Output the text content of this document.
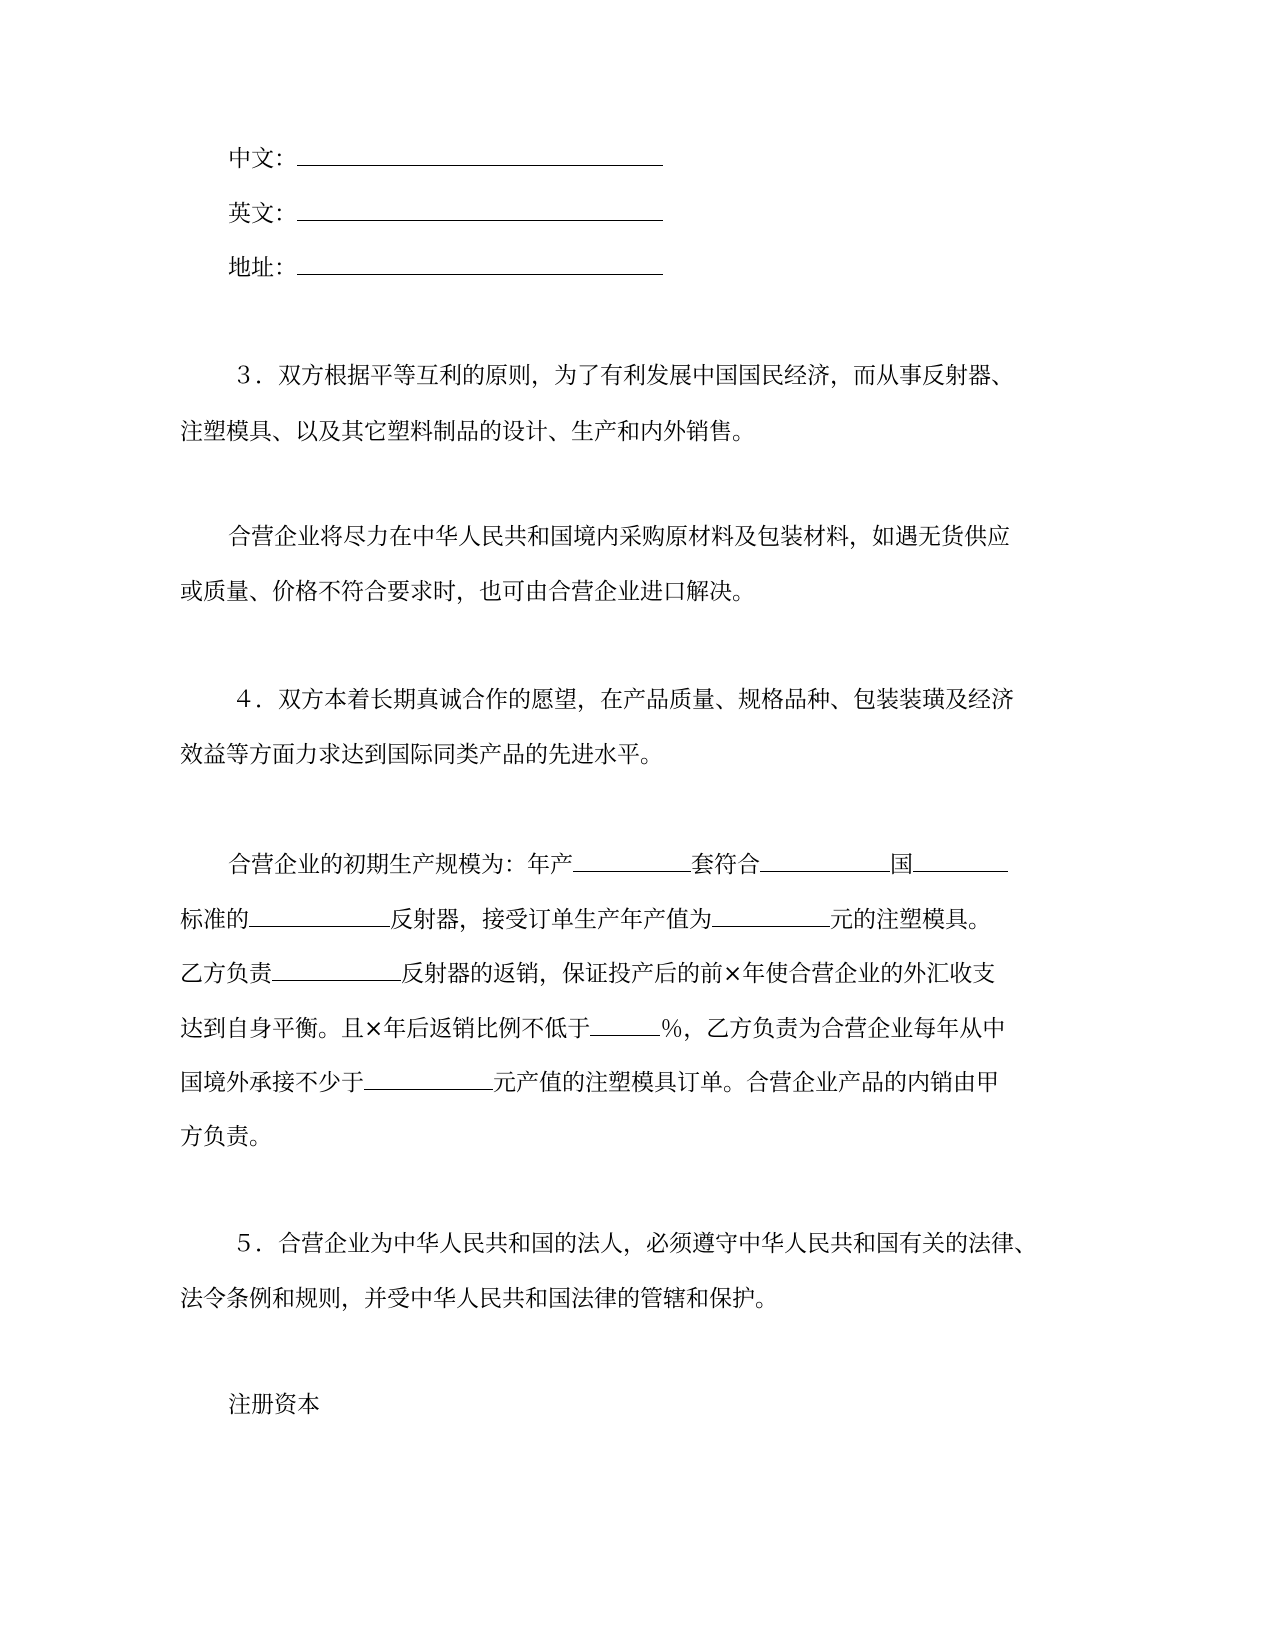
中文：
英文：
地址：
３．双方根据平等互利的原则，为了有利发展中国国民经济，而从事反射器、
注塑模具、以及其它塑料制品的设计、生产和内外销售。
合营企业将尽力在中华人民共和国境内采购原材料及包装材料，如遇无货供应
或质量、价格不符合要求时，也可由合营企业进口解决。
４．双方本着长期真诚合作的愿望，在产品质量、规格品种、包装装璜及经济
效益等方面力求达到国际同类产品的先进水平。
合营企业的初期生产规模为：年产	套符合	国
标准的	反射器，接受订单生产年产值为	元的注塑模具。
乙方负责	反射器的返销，保证投产后的前×年使合营企业的外汇收支
达到自身平衡。且×年后返销比例不低于	％，乙方负责为合营企业每年从中
国境外承接不少于	元产值的注塑模具订单。合营企业产品的内销由甲
方负责。
５．合营企业为中华人民共和国的法人，必须遵守中华人民共和国有关的法律、
法令条例和规则，并受中华人民共和国法律的管辖和保护。
注册资本
